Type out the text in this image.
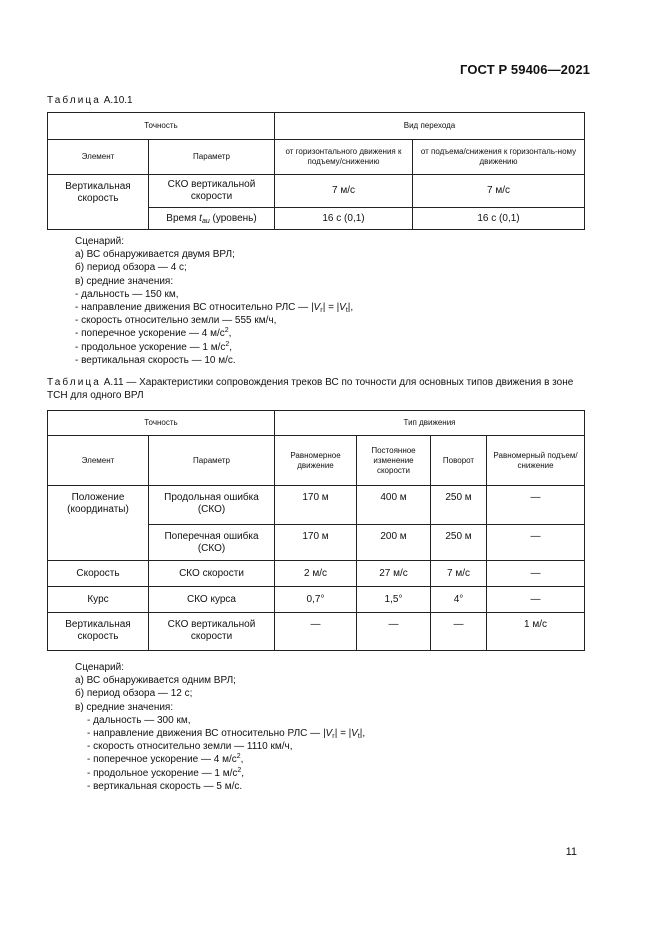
ГОСТ Р 59406—2021
Таблица А.10.1
Точность		Вид перехода	
Элемент	Параметр	от горизонтального движения к подъему/снижению	от подъема/снижения к горизонталь-ному движению
Вертикальная скорость	СКО вертикальной скорости	7 м/с	7 м/с
	Время $t_{au}$ (уровень)	16 с (0,1)	16 с (0,1)
Сценарий:
а) ВС обнаруживается двумя ВРЛ;
б) период обзора — 4 с;
в) средние значения:
- дальность — 150 км,
- направление движения ВС относительно РЛС — $|V_r| = |V_t|$,
- скорость относительно земли — 555 км/ч,
- поперечное ускорение — 4 $м/с^2$,
- продольное ускорение — 1 $м/с^2$,
- вертикальная скорость — 10 м/с.
Таблица А.11 — Характеристики сопровождения треков ВС по точности для основных типов движения в зоне ТСН для одного ВРЛ
Точность		Тип движения			
Элемент	Параметр	Равномерное движение	Постоянное изменение скорости	Поворот	Равномерный подъем/снижение
Положение (координаты)	Продольная ошибка (СКО)	170 м	400 м	250 м	—
	Поперечная ошибка (СКО)	170 м	200 м	250 м	—
Скорость	СКО скорости	2 м/с	27 м/с	7 м/с	—
Курс	СКО курса	0,7°	1,5°	4°	—
Вертикальная скорость	СКО вертикальной скорости	—	—	—	1 м/с
Сценарий:
а) ВС обнаруживается одним ВРЛ;
б) период обзора — 12 с;
в) средние значения:
- дальность — 300 км,
- направление движения ВС относительно РЛС — $|V_r| = |V_t|$,
- скорость относительно земли — 1110 км/ч,
- поперечное ускорение — 4 $м/с^2$,
- продольное ускорение — 1 $м/с^2$,
- вертикальная скорость — 5 м/с.
11
